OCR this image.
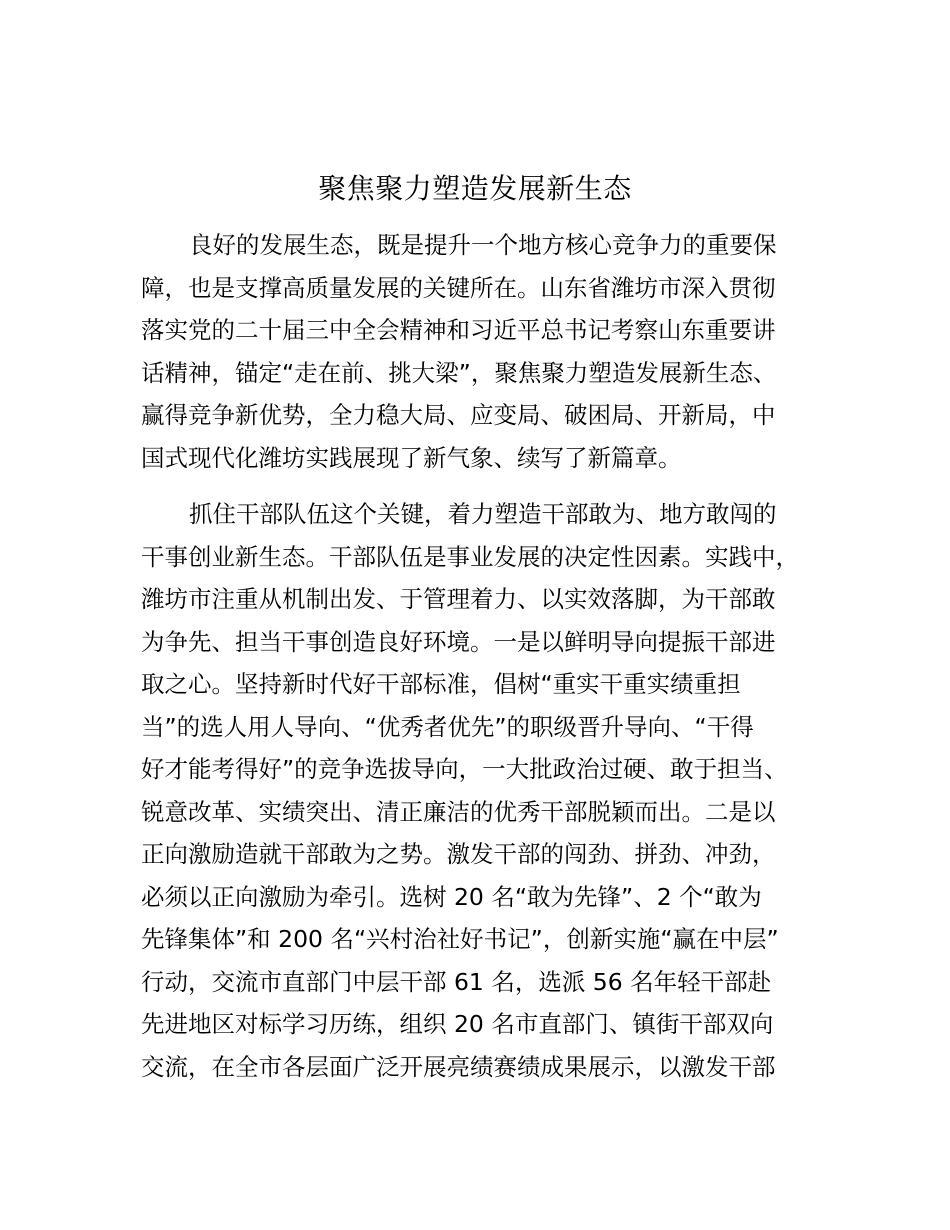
聚焦聚力塑造发展新生态
良好的发展生态，既是提升一个地方核心竞争力的重要保
障，也是支撑高质量发展的关键所在。山东省潍坊市深入贯彻
落实党的二十届三中全会精神和习近平总书记考察山东重要讲
话精神，锚定“走在前、挑大梁”，聚焦聚力塑造发展新生态、
赢得竞争新优势，全力稳大局、应变局、破困局、开新局，中
国式现代化潍坊实践展现了新气象、续写了新篇章。
抓住干部队伍这个关键，着力塑造干部敢为、地方敢闯的
干事创业新生态。干部队伍是事业发展的决定性因素。实践中，
潍坊市注重从机制出发、于管理着力、以实效落脚，为干部敢
为争先、担当干事创造良好环境。一是以鲜明导向提振干部进
取之心。坚持新时代好干部标准，倡树“重实干重实绩重担
当”的选人用人导向、“优秀者优先”的职级晋升导向、“干得
好才能考得好”的竞争选拔导向，一大批政治过硬、敢于担当、
锐意改革、实绩突出、清正廉洁的优秀干部脱颖而出。二是以
正向激励造就干部敢为之势。激发干部的闯劲、拼劲、冲劲，
必须以正向激励为牵引。选树 20 名“敢为先锋”、2 个“敢为
先锋集体”和 200 名“兴村治社好书记”，创新实施“赢在中层”
行动，交流市直部门中层干部 61 名，选派 56 名年轻干部赴
先进地区对标学习历练，组织 20 名市直部门、镇街干部双向
交流，在全市各层面广泛开展亮绩赛绩成果展示，以激发干部
